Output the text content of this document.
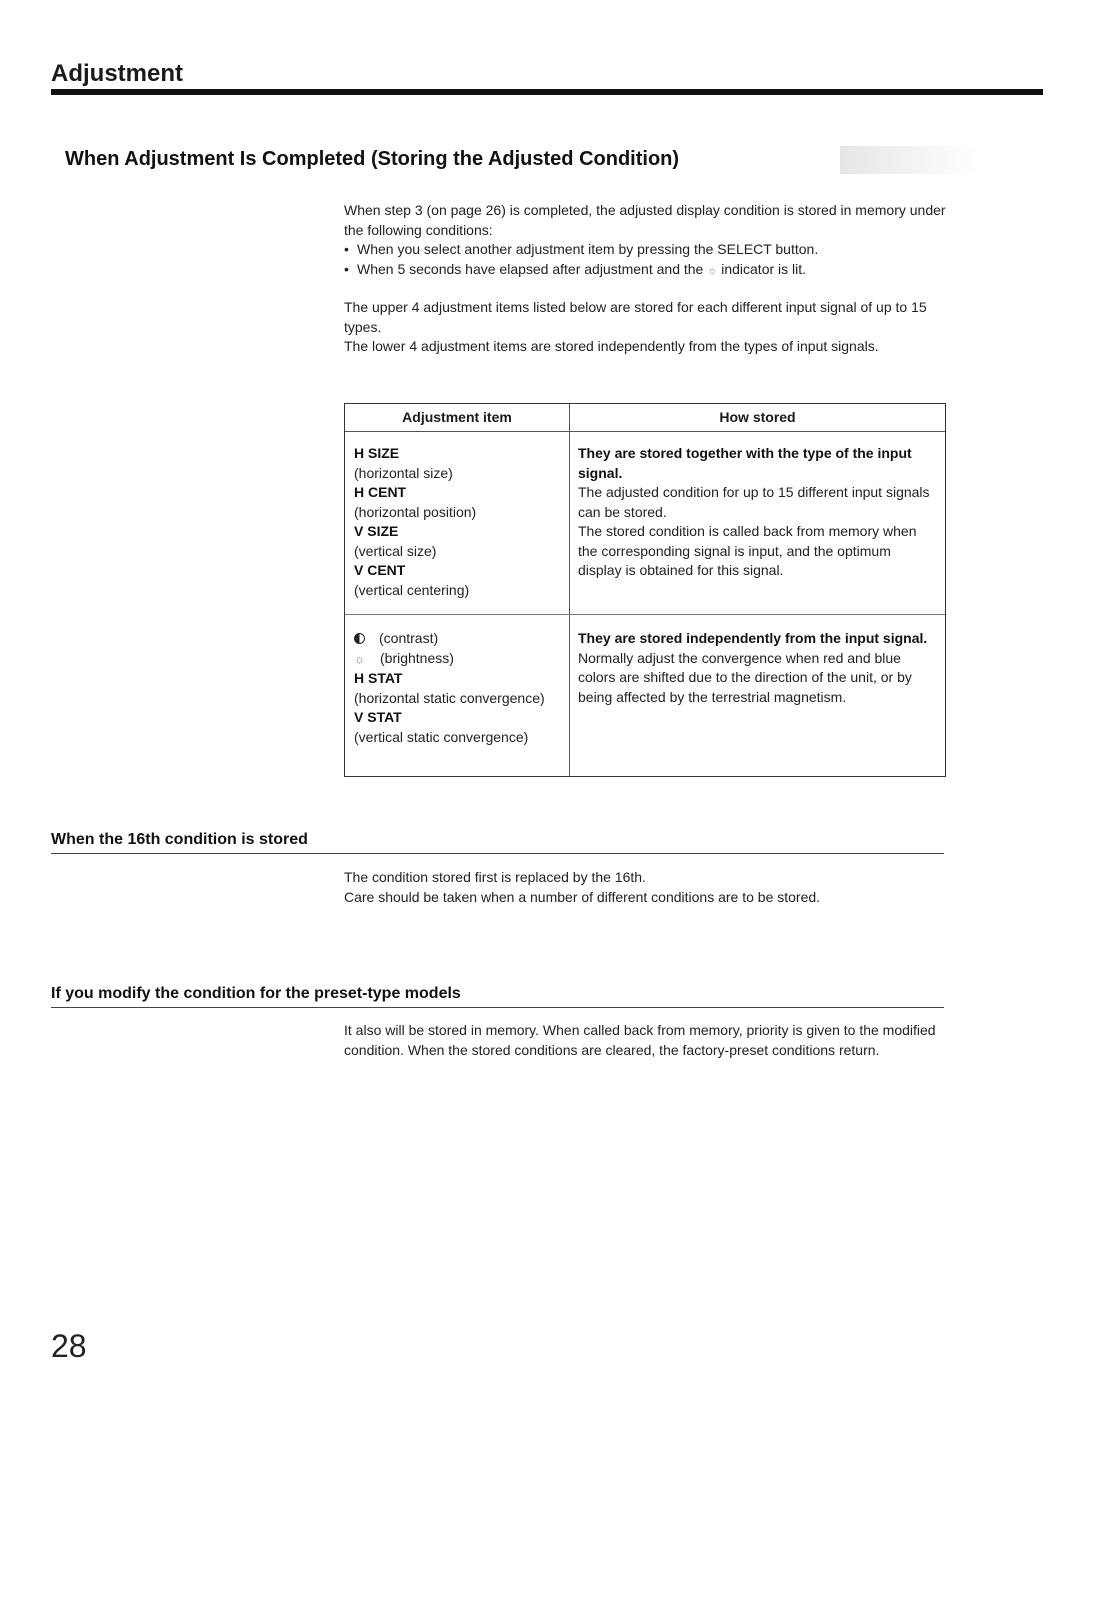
Adjustment
When Adjustment Is Completed (Storing the Adjusted Condition)

When step 3 (on page 26) is completed, the adjusted display condition is stored in memory under the following conditions:

• When you select another adjustment item by pressing the SELECT button.
• When 5 seconds have elapsed after adjustment and the ☼ indicator is lit.

The upper 4 adjustment items listed below are stored for each different input signal of up to 15 types.

The lower 4 adjustment items are stored independently from the types of input signals.

Adjustment item	How stored
H SIZE
(horizontal size)
H CENT
(horizontal position)
V SIZE
(vertical size)
V CENT
(vertical centering)
They are stored together with the type of the input signal.
The adjusted condition for up to 15 different input signals can be stored.
The stored condition is called back from memory when the corresponding signal is input, and the optimum display is obtained for this signal.
(contrast)
☼ (brightness)
H STAT
(horizontal static convergence)
V STAT
(vertical static convergence)
They are stored independently from the input signal.
Normally adjust the convergence when red and blue colors are shifted due to the direction of the unit, or by being affected by the terrestrial magnetism.
When the 16th condition is stored

The condition stored first is replaced by the 16th.

Care should be taken when a number of different conditions are to be stored.

If you modify the condition for the preset-type models

It also will be stored in memory. When called back from memory, priority is given to the modified condition. When the stored conditions are cleared, the factory-preset conditions return.

28
